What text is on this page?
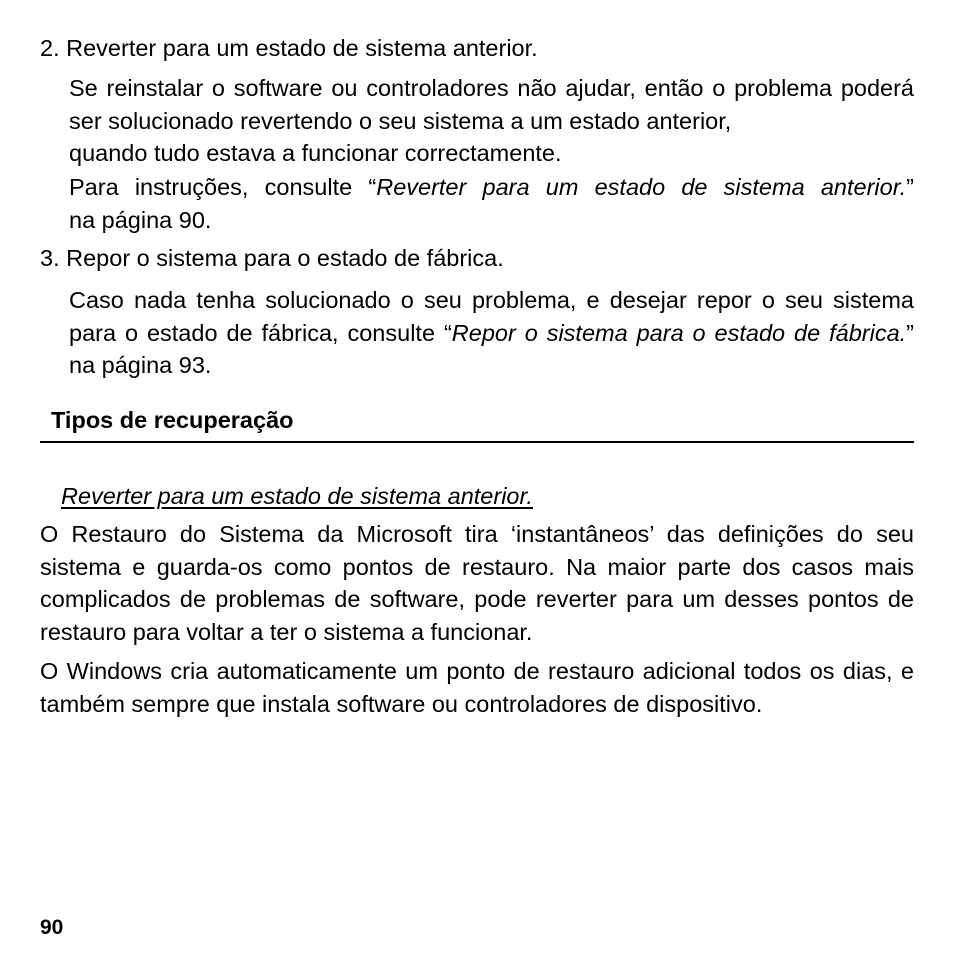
2. Reverter para um estado de sistema anterior.

Se reinstalar o software ou controladores não ajudar, então o problema poderá ser solucionado revertendo o seu sistema a um estado anterior,
quando tudo estava a funcionar correctamente.

Para instruções, consulte “Reverter para um estado de sistema anterior.”
na página 90.
3. Repor o sistema para o estado de fábrica.

Caso nada tenha solucionado o seu problema, e desejar repor o seu sistema para o estado de fábrica, consulte “Repor o sistema para o estado de fábrica.” na página 93.

Tipos de recuperação
Reverter para um estado de sistema anterior.

O Restauro do Sistema da Microsoft tira ‘instantâneos’ das definições do seu sistema e guarda-os como pontos de restauro. Na maior parte dos casos mais complicados de problemas de software, pode reverter para um desses pontos de restauro para voltar a ter o sistema a funcionar.

O Windows cria automaticamente um ponto de restauro adicional todos os dias, e também sempre que instala software ou controladores de dispositivo.

90
